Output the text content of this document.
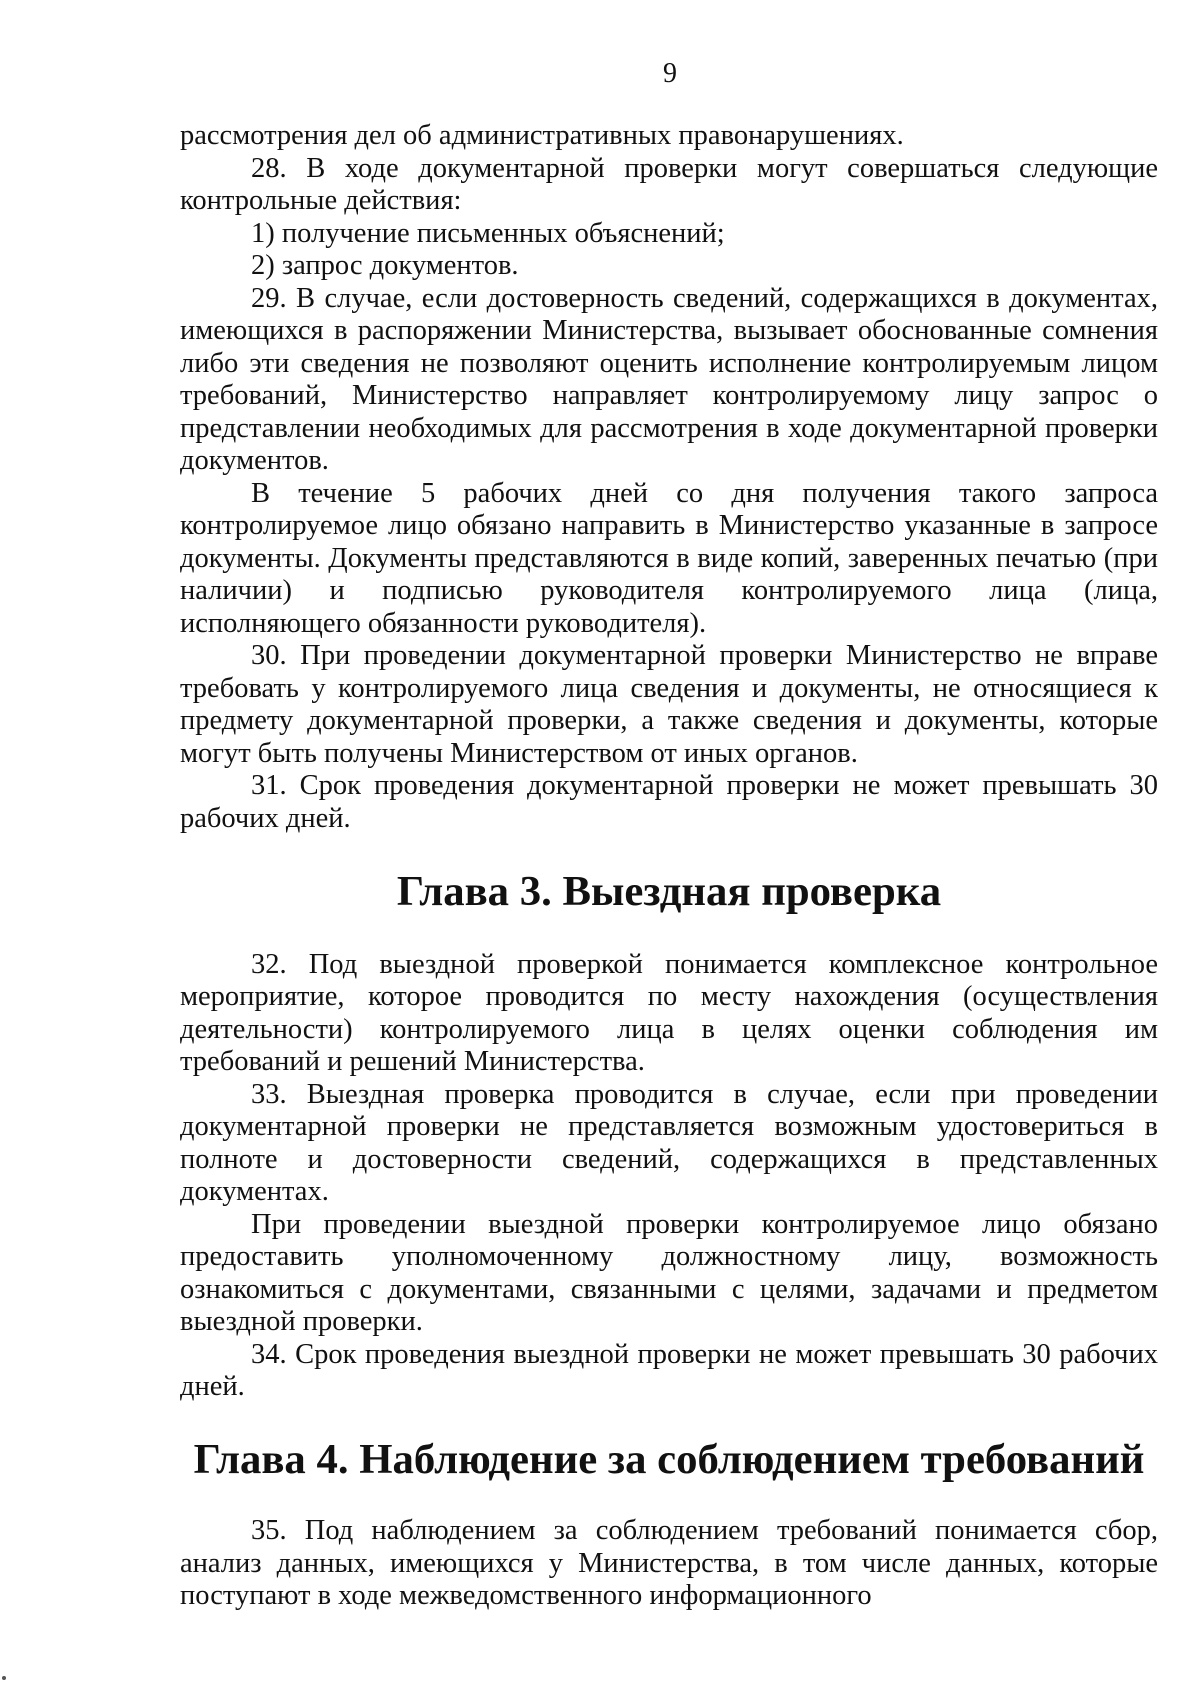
9

рассмотрения дел об административных правонарушениях.

28. В ходе документарной проверки могут совершаться следующие контрольные действия:

1) получение письменных объяснений;

2) запрос документов.

29. В случае, если достоверность сведений, содержащихся в документах, имеющихся в распоряжении Министерства, вызывает обоснованные сомнения либо эти сведения не позволяют оценить исполнение контролируемым лицом требований, Министерство направляет контролируемому лицу запрос о представлении необходимых для рассмотрения в ходе документарной проверки документов.

В течение 5 рабочих дней со дня получения такого запроса контролируемое лицо обязано направить в Министерство указанные в запросе документы. Документы представляются в виде копий, заверенных печатью (при наличии) и подписью руководителя контролируемого лица (лица, исполняющего обязанности руководителя).

30. При проведении документарной проверки Министерство не вправе требовать у контролируемого лица сведения и документы, не относящиеся к предмету документарной проверки, а также сведения и документы, которые могут быть получены Министерством от иных органов.

31. Срок проведения документарной проверки не может превышать 30 рабочих дней.

Глава 3. Выездная проверка

32. Под выездной проверкой понимается комплексное контрольное мероприятие, которое проводится по месту нахождения (осуществления деятельности) контролируемого лица в целях оценки соблюдения им требований и решений Министерства.

33. Выездная проверка проводится в случае, если при проведении документарной проверки не представляется возможным удостовериться в полноте и достоверности сведений, содержащихся в представленных документах.

При проведении выездной проверки контролируемое лицо обязано предоставить уполномоченному должностному лицу, возможность ознакомиться с документами, связанными с целями, задачами и предметом выездной проверки.

34. Срок проведения выездной проверки не может превышать 30 рабочих дней.

Глава 4. Наблюдение за соблюдением требований

35. Под наблюдением за соблюдением требований понимается сбор, анализ данных, имеющихся у Министерства, в том числе данных, которые поступают в ходе межведомственного информационного
